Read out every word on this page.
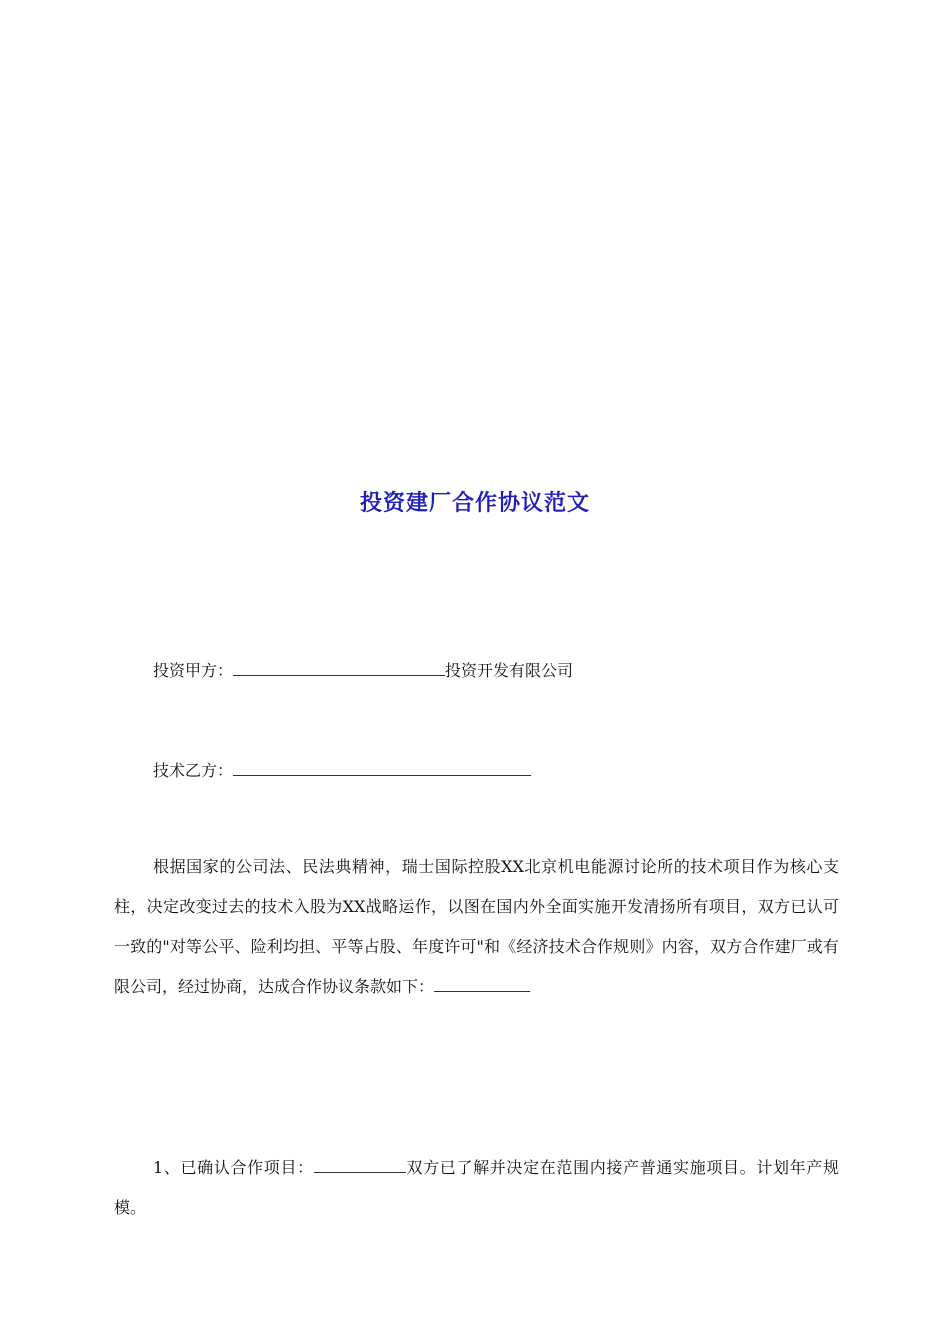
投资建厂合作协议范文
投资甲方：	投资开发有限公司
技术乙方：
根据国家的公司法、民法典精神，瑞士国际控股XX北京机电能源讨论所的技术项目作为核心支柱，决定改变过去的技术入股为XX战略运作，以图在国内外全面实施开发清扬所有项目，双方已认可一致的"对等公平、险利均担、平等占股、年度许可"和《经济技术合作规则》内容，双方合作建厂或有限公司，经过协商，达成合作协议条款如下：
1、已确认合作项目：	双方已了解并决定在范围内接产普通实施项目。计划年产规模。
